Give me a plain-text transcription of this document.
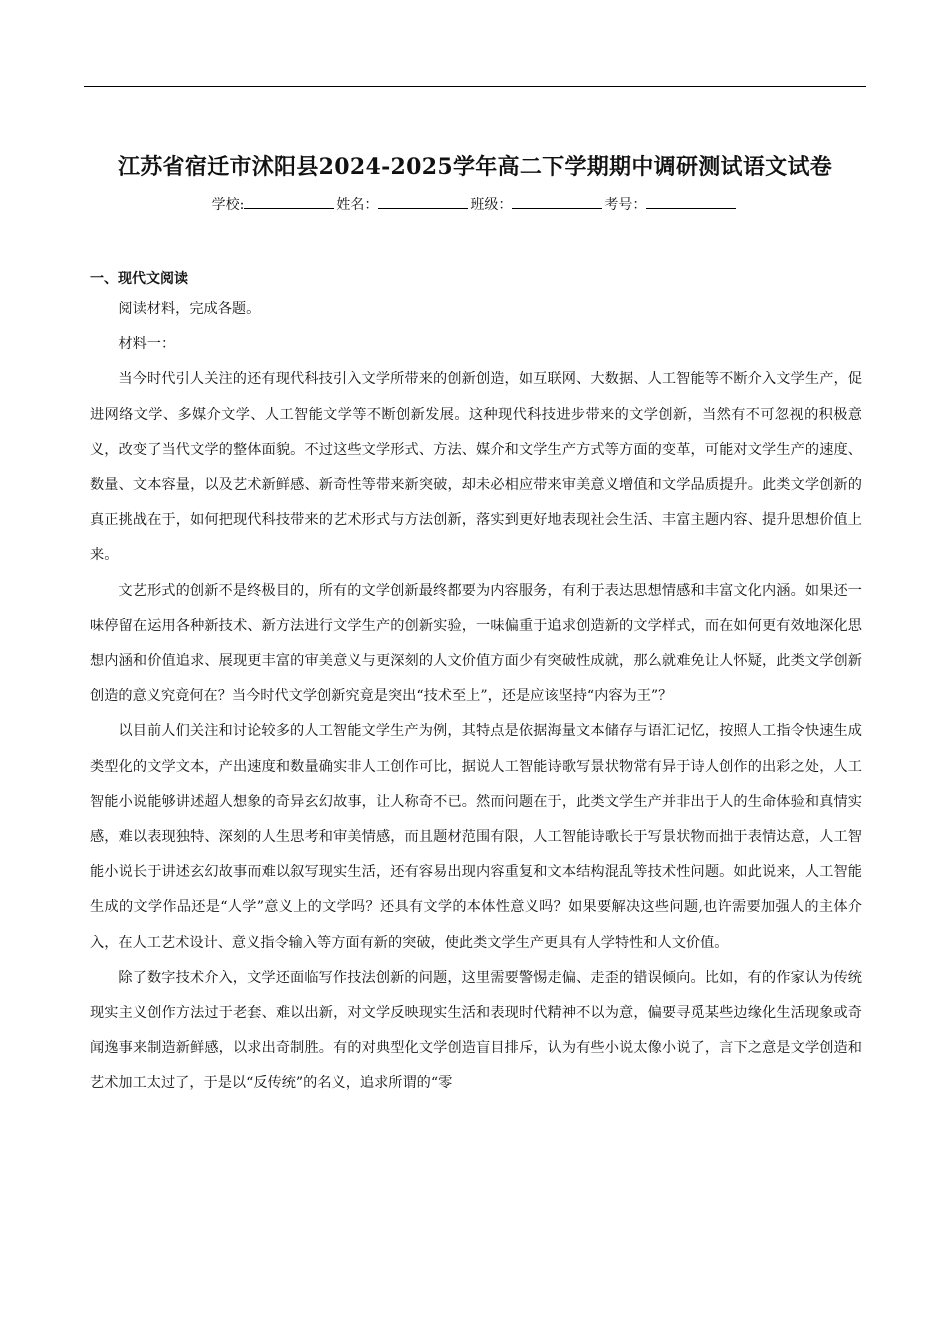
江苏省宿迁市沭阳县2024-2025学年高二下学期期中调研测试语文试卷
学校:	姓名：	班级：	考号：
一、现代文阅读

阅读材料，完成各题。

材料一：

当今时代引人关注的还有现代科技引入文学所带来的创新创造，如互联网、大数据、人工智能等不断介入文学生产，促进网络文学、多媒介文学、人工智能文学等不断创新发展。这种现代科技进步带来的文学创新，当然有不可忽视的积极意义，改变了当代文学的整体面貌。不过这些文学形式、方法、媒介和文学生产方式等方面的变革，可能对文学生产的速度、数量、文本容量，以及艺术新鲜感、新奇性等带来新突破，却未必相应带来审美意义增值和文学品质提升。此类文学创新的真正挑战在于，如何把现代科技带来的艺术形式与方法创新，落实到更好地表现社会生活、丰富主题内容、提升思想价值上来。

文艺形式的创新不是终极目的，所有的文学创新最终都要为内容服务，有利于表达思想情感和丰富文化内涵。如果还一味停留在运用各种新技术、新方法进行文学生产的创新实验，一味偏重于追求创造新的文学样式，而在如何更有效地深化思想内涵和价值追求、展现更丰富的审美意义与更深刻的人文价值方面少有突破性成就，那么就难免让人怀疑，此类文学创新创造的意义究竟何在？当今时代文学创新究竟是突出“技术至上”，还是应该坚持“内容为王”？

以目前人们关注和讨论较多的人工智能文学生产为例，其特点是依据海量文本储存与语汇记忆，按照人工指令快速生成类型化的文学文本，产出速度和数量确实非人工创作可比，据说人工智能诗歌写景状物常有异于诗人创作的出彩之处，人工智能小说能够讲述超人想象的奇异玄幻故事，让人称奇不已。然而问题在于，此类文学生产并非出于人的生命体验和真情实感，难以表现独特、深刻的人生思考和审美情感，而且题材范围有限，人工智能诗歌长于写景状物而拙于表情达意，人工智能小说长于讲述玄幻故事而难以叙写现实生活，还有容易出现内容重复和文本结构混乱等技术性问题。如此说来，人工智能生成的文学作品还是“人学”意义上的文学吗？还具有文学的本体性意义吗？如果要解决这些问题,也许需要加强人的主体介入，在人工艺术设计、意义指令输入等方面有新的突破，使此类文学生产更具有人学特性和人文价值。

除了数字技术介入，文学还面临写作技法创新的问题，这里需要警惕走偏、走歪的错误倾向。比如，有的作家认为传统现实主义创作方法过于老套、难以出新，对文学反映现实生活和表现时代精神不以为意，偏要寻觅某些边缘化生活现象或奇闻逸事来制造新鲜感，以求出奇制胜。有的对典型化文学创造盲目排斥，认为有些小说太像小说了，言下之意是文学创造和艺术加工太过了，于是以“反传统”的名义，追求所谓的“零
